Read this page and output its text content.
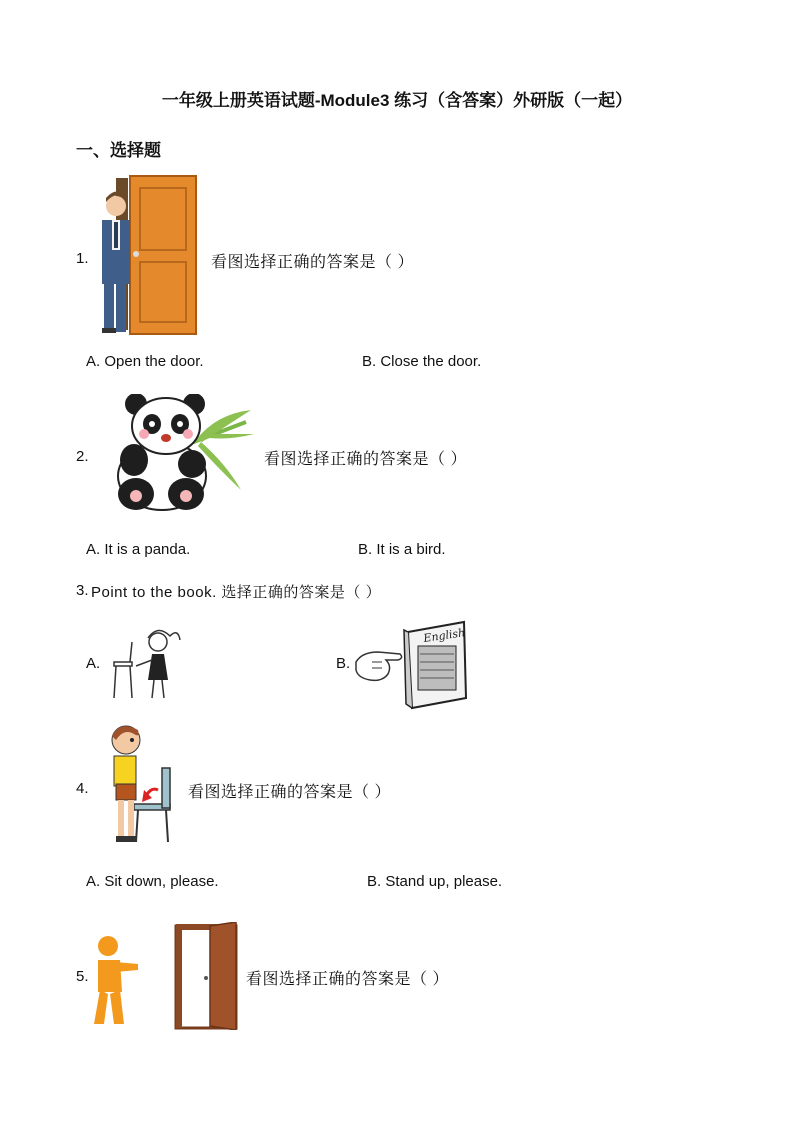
一年级上册英语试题-Module3 练习（含答案）外研版（一起）
一、选择题
1.	看图选择正确的答案是（ ）
A. Open the door.	B. Close the door.
2.	看图选择正确的答案是（ ）
A. It is a panda.	B. It is a bird.
3. Point to the book. 选择正确的答案是（ ）
A.	B.
English
4.	看图选择正确的答案是（ ）
A. Sit down, please.	B. Stand up, please.
5.	看图选择正确的答案是（ ）
